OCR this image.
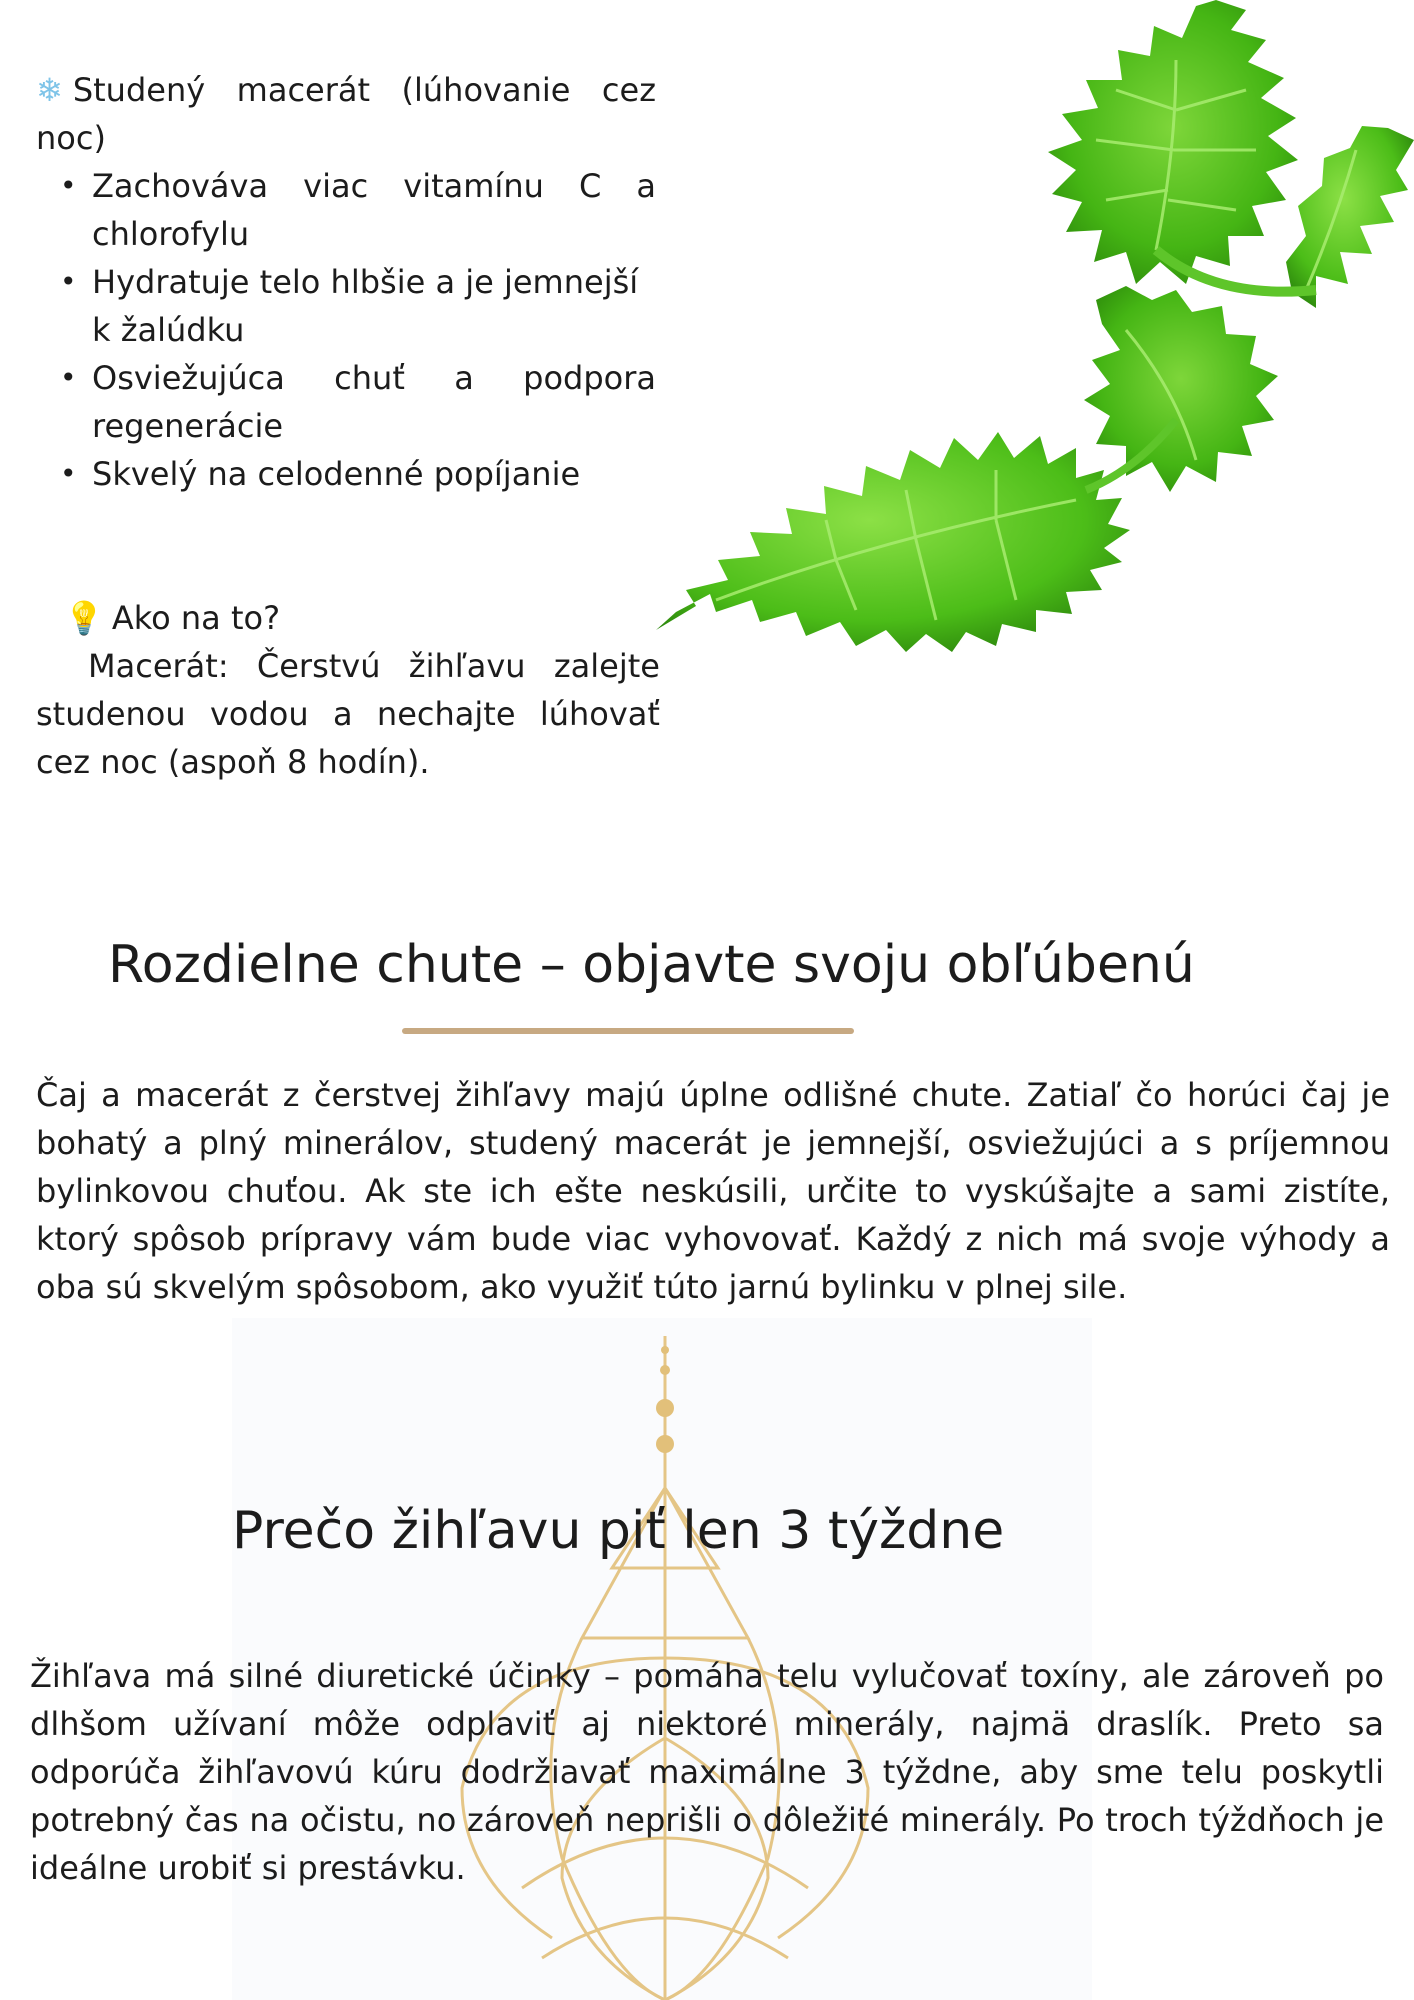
❄ Studený macerát (lúhovanie cez
noc)
• Zachováva viac vitamínu C a
chlorofylu
• Hydratuje telo hlbšie a je jemnejší
k žalúdku
• Osviežujúca chuť a podpora
regenerácie
• Skvelý na celodenné popíjanie
💡 Ako na to?
Macerát: Čerstvú žihľavu zalejte
studenou vodou a nechajte lúhovať
cez noc (aspoň 8 hodín).
Rozdielne chute – objavte svoju obľúbenú
Čaj a macerát z čerstvej žihľavy majú úplne odlišné chute. Zatiaľ čo horúci čaj je bohatý a plný minerálov, studený macerát je jemnejší, osviežujúci a s príjemnou bylinkovou chuťou. Ak ste ich ešte neskúsili, určite to vyskúšajte a sami zistíte, ktorý spôsob prípravy vám bude viac vyhovovať. Každý z nich má svoje výhody a oba sú skvelým spôsobom, ako využiť túto jarnú bylinku v plnej sile.
Prečo žihľavu piť len 3 týždne
Žihľava má silné diuretické účinky – pomáha telu vylučovať toxíny, ale zároveň po dlhšom užívaní môže odplaviť aj niektoré minerály, najmä draslík. Preto sa odporúča žihľavovú kúru dodržiavať maximálne 3 týždne, aby sme telu poskytli potrebný čas na očistu, no zároveň neprišli o dôležité minerály. Po troch týždňoch je ideálne urobiť si prestávku.
